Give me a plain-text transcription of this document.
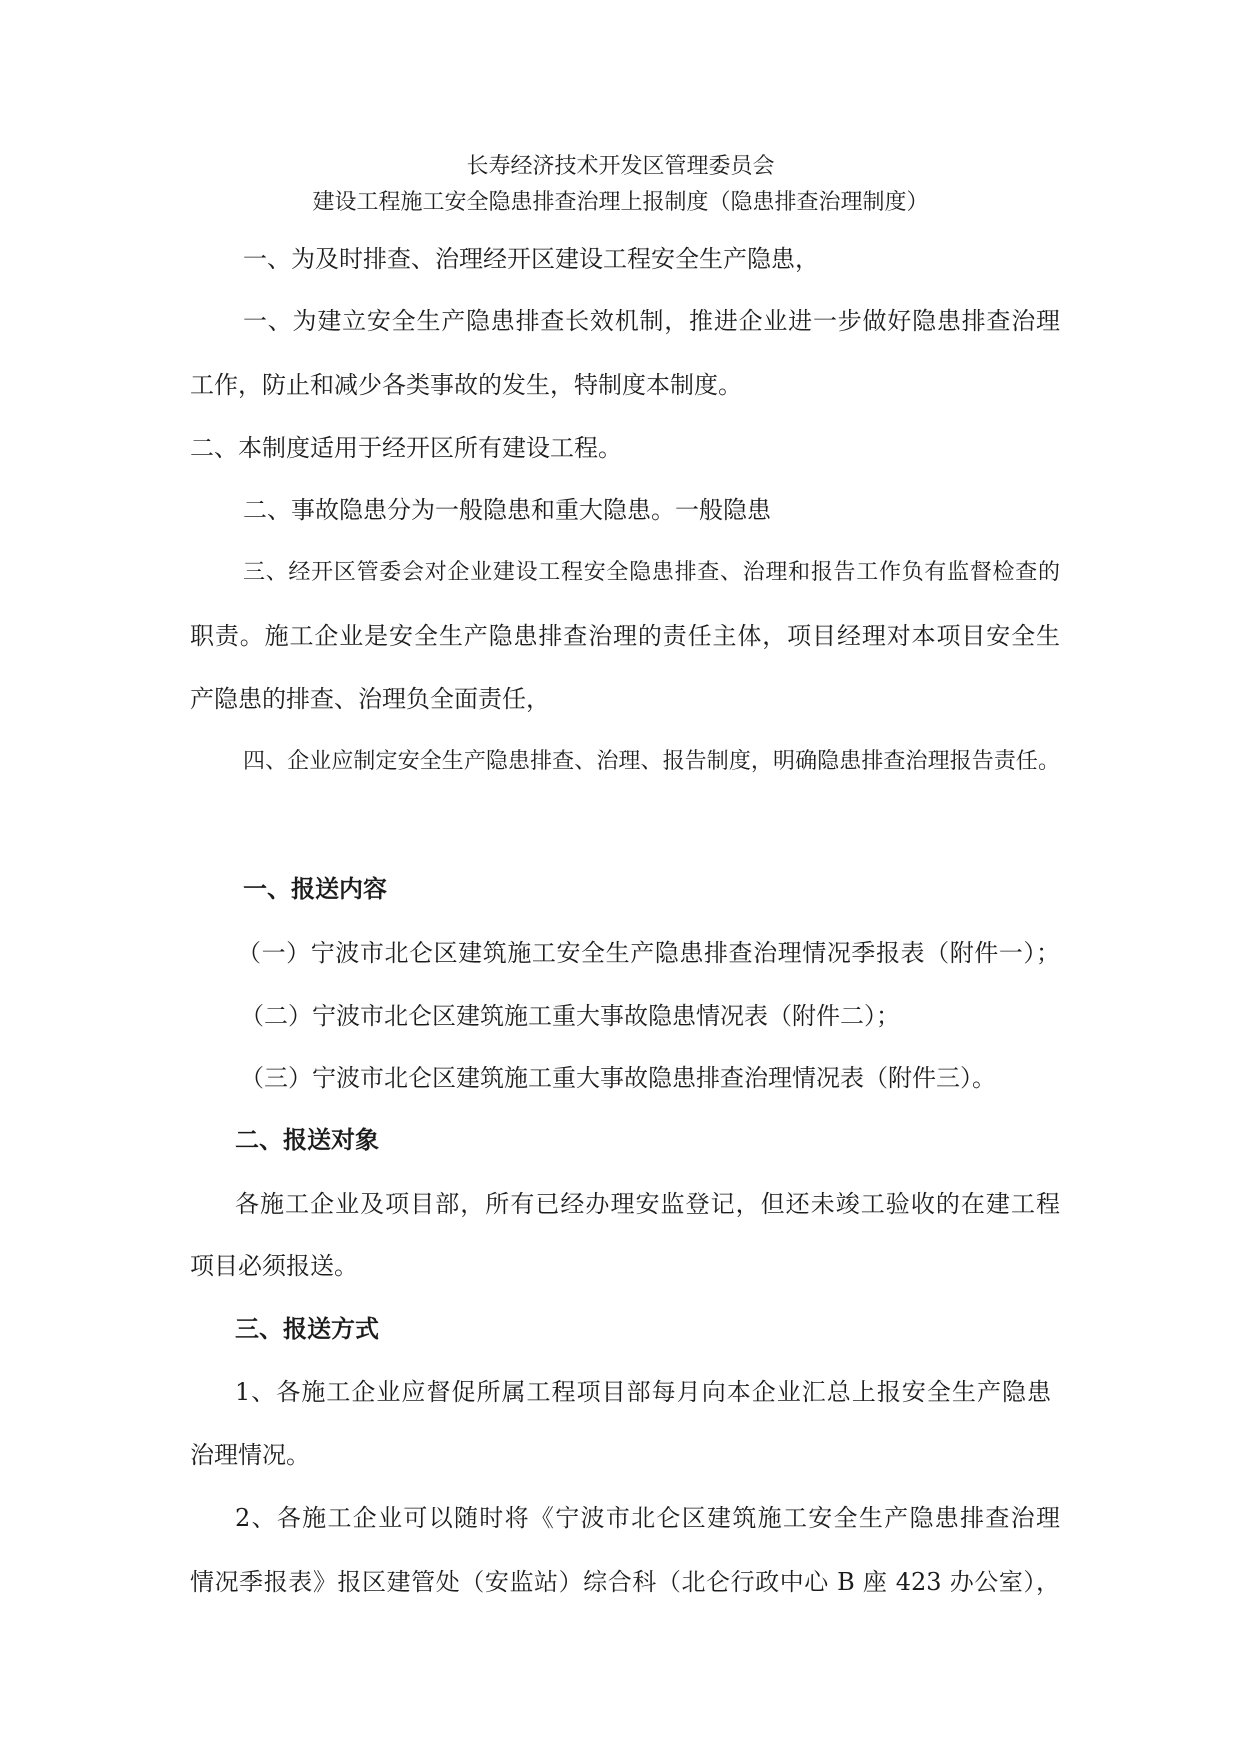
长寿经济技术开发区管理委员会
建设工程施工安全隐患排查治理上报制度（隐患排查治理制度）
一、为及时排查、治理经开区建设工程安全生产隐患，
一、为建立安全生产隐患排查长效机制，推进企业进一步做好隐患排查治理
工作，防止和减少各类事故的发生，特制度本制度。
二、本制度适用于经开区所有建设工程。
二、事故隐患分为一般隐患和重大隐患。一般隐患
三、经开区管委会对企业建设工程安全隐患排查、治理和报告工作负有监督检查的
职责。施工企业是安全生产隐患排查治理的责任主体，项目经理对本项目安全生
产隐患的排查、治理负全面责任，
四、企业应制定安全生产隐患排查、治理、报告制度，明确隐患排查治理报告责任。
一、报送内容
（一）宁波市北仑区建筑施工安全生产隐患排查治理情况季报表（附件一）；
（二）宁波市北仑区建筑施工重大事故隐患情况表（附件二）；
（三）宁波市北仑区建筑施工重大事故隐患排查治理情况表（附件三）。
二、报送对象
各施工企业及项目部，所有已经办理安监登记，但还未竣工验收的在建工程
项目必须报送。
三、报送方式
1、各施工企业应督促所属工程项目部每月向本企业汇总上报安全生产隐患
治理情况。
2、各施工企业可以随时将《宁波市北仑区建筑施工安全生产隐患排查治理
情况季报表》报区建管处（安监站）综合科（北仑行政中心 B 座 423 办公室），
